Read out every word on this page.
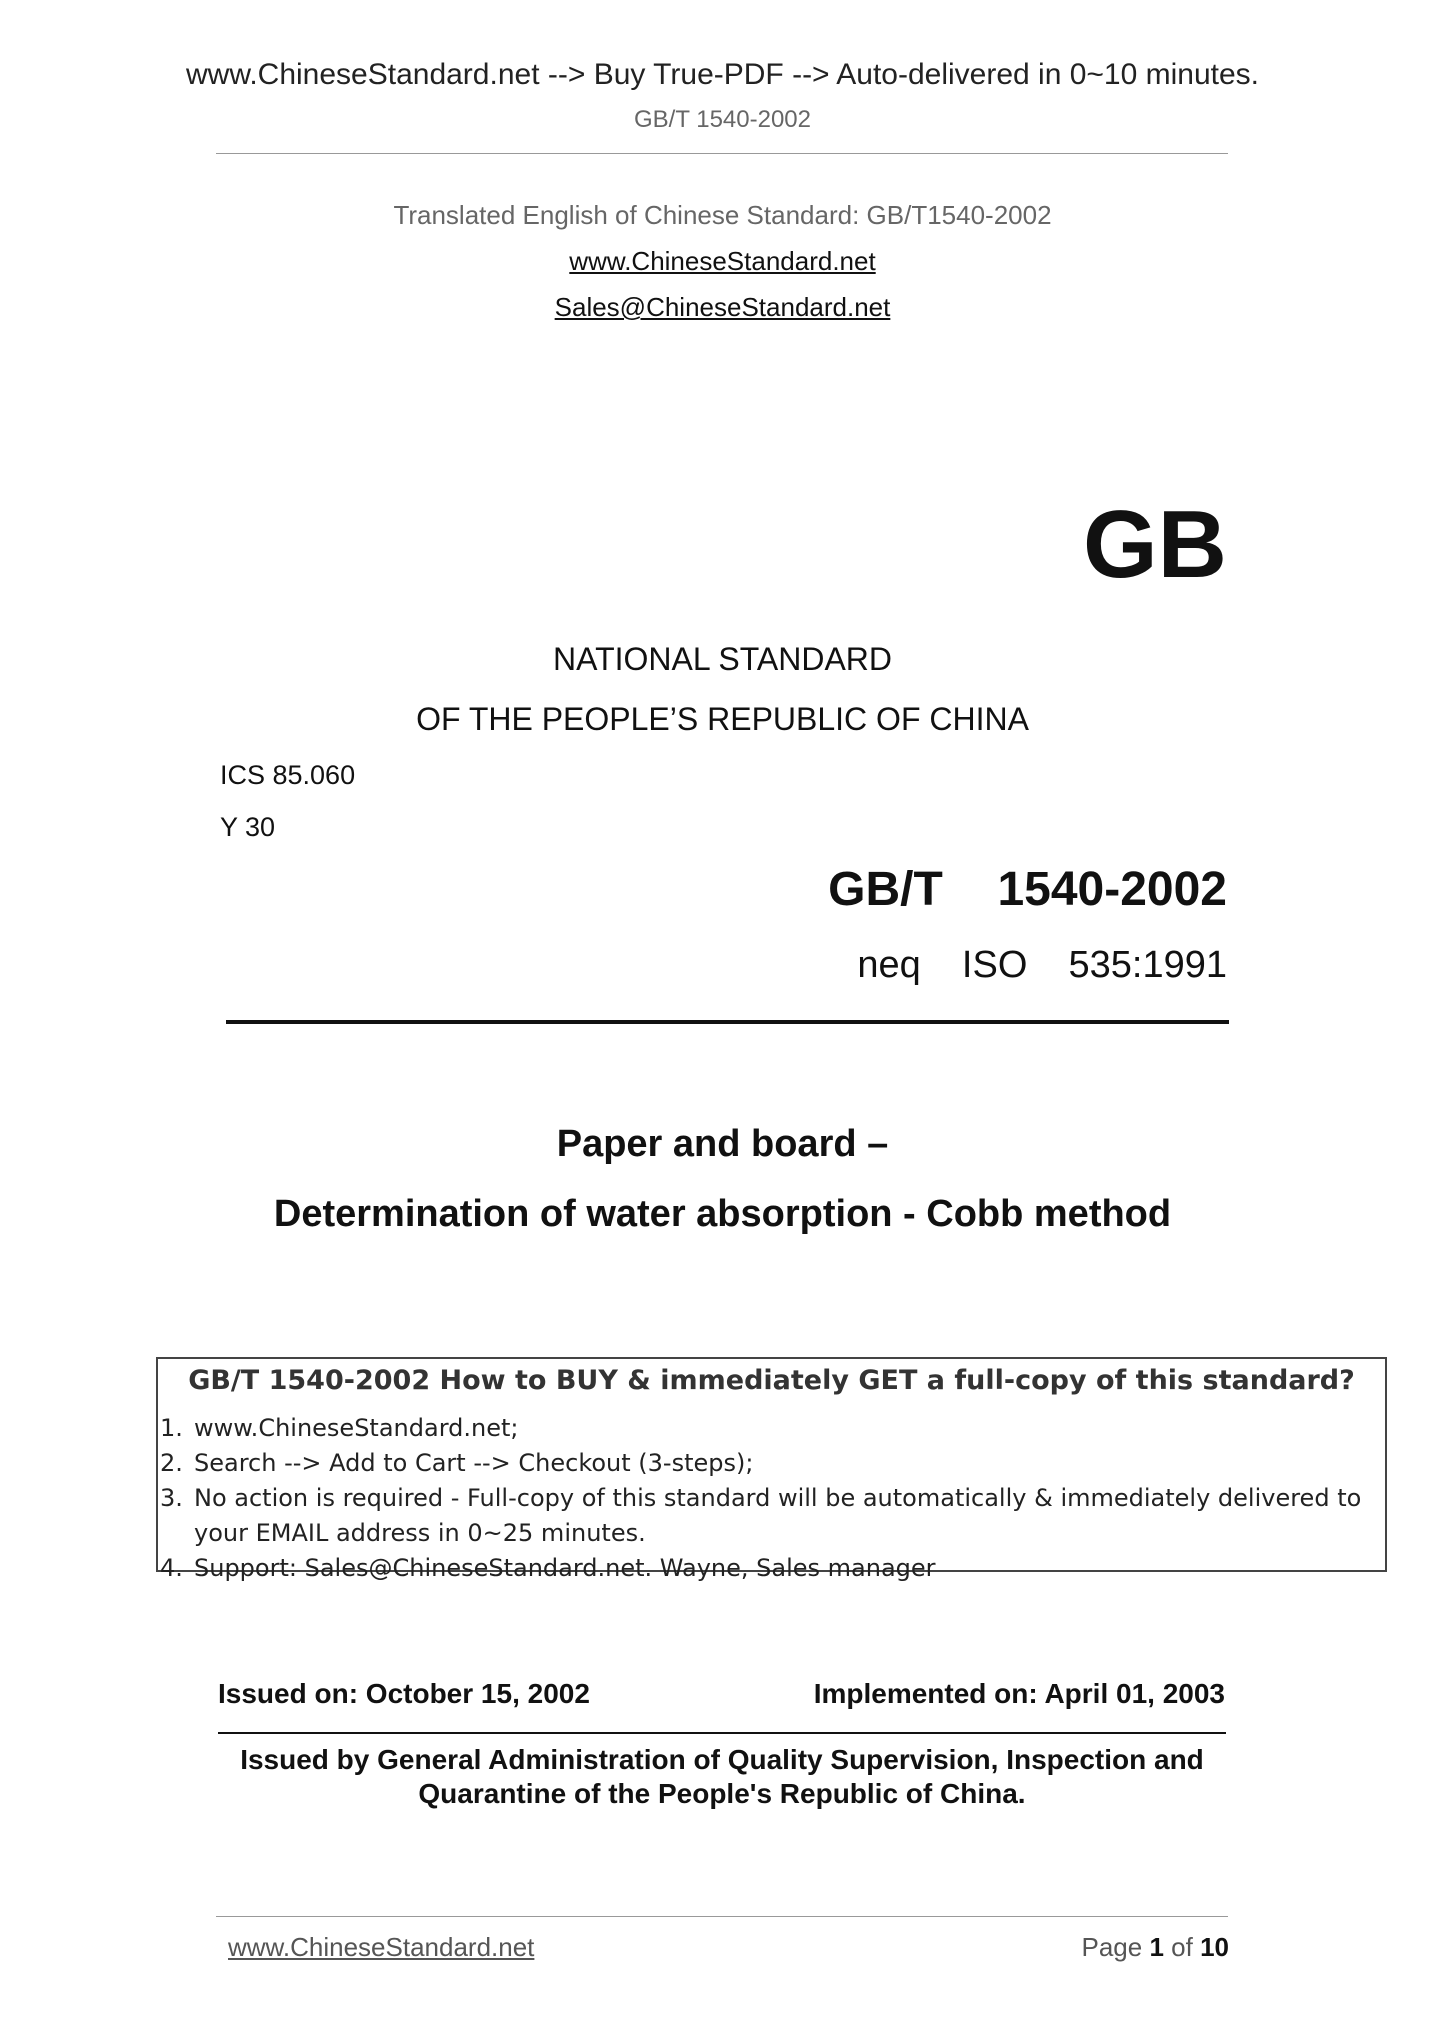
www.ChineseStandard.net --> Buy True-PDF --> Auto-delivered in 0~10 minutes.
GB/T 1540-2002
Translated English of Chinese Standard: GB/T1540-2002
www.ChineseStandard.net
Sales@ChineseStandard.net
GB
NATIONAL STANDARD
OF THE PEOPLE’S REPUBLIC OF CHINA
ICS 85.060
Y 30
GB/T  1540-2002
neq  ISO  535:1991
Paper and board –
Determination of water absorption - Cobb method
GB/T 1540-2002 How to BUY & immediately GET a full-copy of this standard?
1. www.ChineseStandard.net;
2. Search --> Add to Cart --> Checkout (3-steps);
3. No action is required - Full-copy of this standard will be automatically & immediately delivered to your EMAIL address in 0~25 minutes.
4. Support: Sales@ChineseStandard.net. Wayne, Sales manager
Issued on: October 15, 2002	Implemented on: April 01, 2003
Issued by General Administration of Quality Supervision, Inspection and Quarantine of the People's Republic of China.
www.ChineseStandard.net	Page 1 of 10
